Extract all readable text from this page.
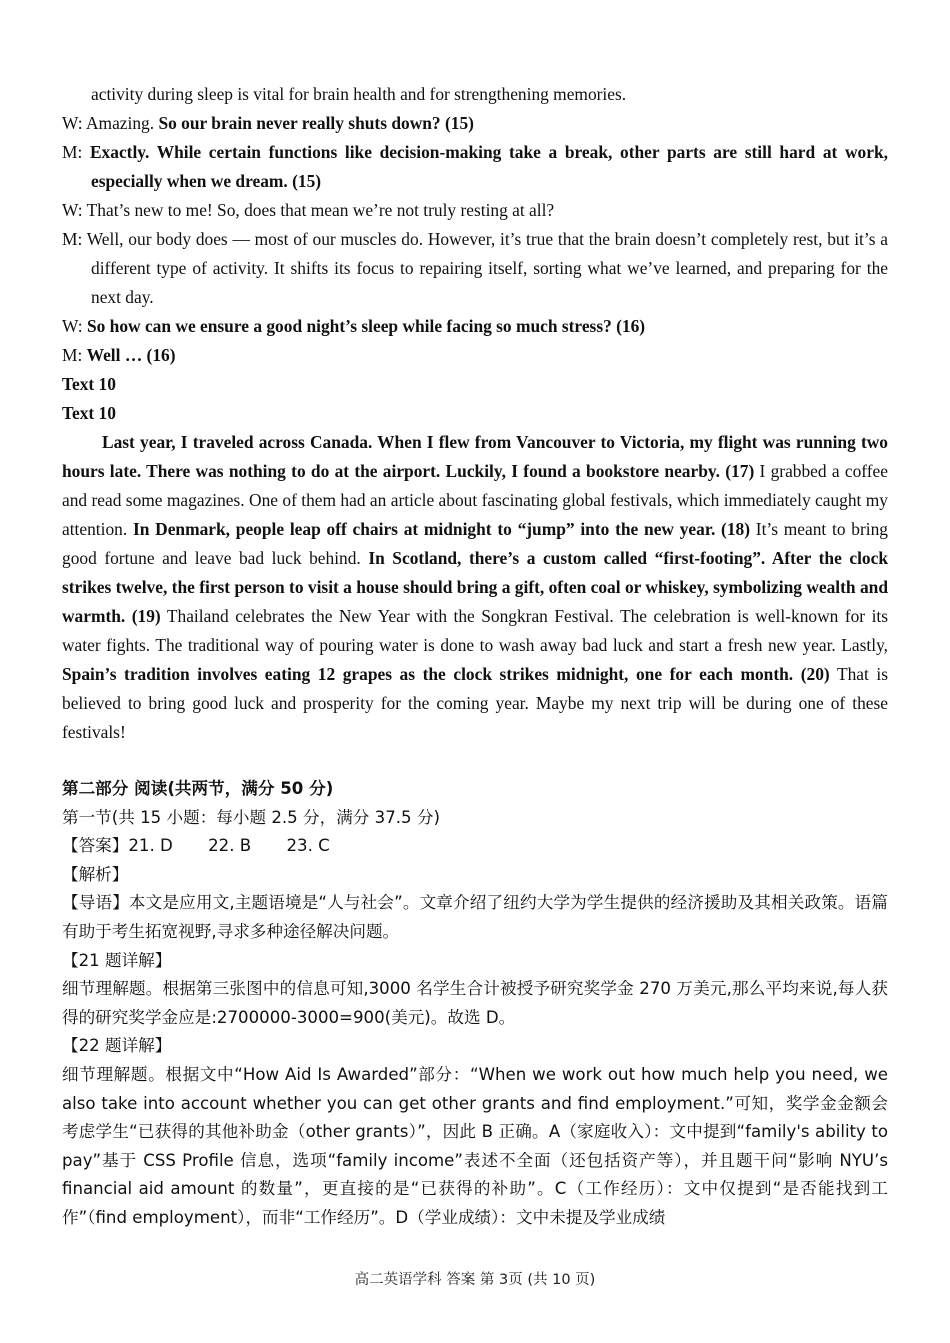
activity during sleep is vital for brain health and for strengthening memories.

W: Amazing. So our brain never really shuts down? (15)

M: Exactly. While certain functions like decision-making take a break, other parts are still hard at work, especially when we dream. (15)

W: That’s new to me! So, does that mean we’re not truly resting at all?

M: Well, our body does — most of our muscles do. However, it’s true that the brain doesn’t completely rest, but it’s a different type of activity. It shifts its focus to repairing itself, sorting what we’ve learned, and preparing for the next day.

W: So how can we ensure a good night’s sleep while facing so much stress? (16)

M: Well … (16)

Text 10

Text 10

Last year, I traveled across Canada. When I flew from Vancouver to Victoria, my flight was running two hours late. There was nothing to do at the airport. Luckily, I found a bookstore nearby. (17) I grabbed a coffee and read some magazines. One of them had an article about fascinating global festivals, which immediately caught my attention. In Denmark, people leap off chairs at midnight to “jump” into the new year. (18) It’s meant to bring good fortune and leave bad luck behind. In Scotland, there’s a custom called “first-footing”. After the clock strikes twelve, the first person to visit a house should bring a gift, often coal or whiskey, symbolizing wealth and warmth. (19) Thailand celebrates the New Year with the Songkran Festival. The celebration is well-known for its water fights. The traditional way of pouring water is done to wash away bad luck and start a fresh new year. Lastly, Spain’s tradition involves eating 12 grapes as the clock strikes midnight, one for each month. (20) That is believed to bring good luck and prosperity for the coming year. Maybe my next trip will be during one of these festivals!

第二部分 阅读(共两节，满分 50 分)

第一节(共 15 小题：每小题 2.5 分，满分 37.5 分)

【答案】21. D 22. B 23. C

【解析】

【导语】本文是应用文,主题语境是“人与社会”。文章介绍了纽约大学为学生提供的经济援助及其相关政策。语篇有助于考生拓宽视野,寻求多种途径解决问题。

【21 题详解】

细节理解题。根据第三张图中的信息可知,3000 名学生合计被授予研究奖学金 270 万美元,那么平均来说,每人获得的研究奖学金应是:2700000-3000=900(美元)。故选 D。

【22 题详解】

细节理解题。根据文中“How Aid Is Awarded”部分：“When we work out how much help you need, we also take into account whether you can get other grants and find employment.”可知，奖学金金额会考虑学生“已获得的其他补助金（other grants）”，因此 B 正确。A（家庭收入）：文中提到“family's ability to pay”基于 CSS Profile 信息，选项“family income”表述不全面（还包括资产等），并且题干问“影响 NYU’s financial aid amount 的数量”，更直接的是“已获得的补助”。C（工作经历）：文中仅提到“是否能找到工作”（find employment），而非“工作经历”。D（学业成绩）：文中未提及学业成绩

高二英语学科 答案 第 3页 (共 10 页)
